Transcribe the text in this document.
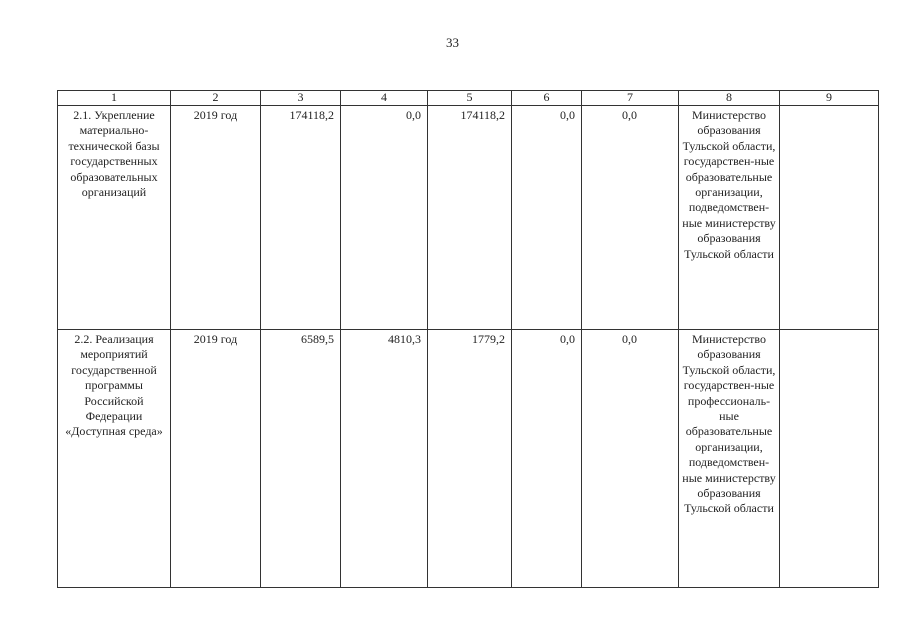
33
1	2	3	4	5	6	7	8	9
2.1. Укрепление материально-технической базы государственных образовательных организаций	2019 год	174118,2	0,0	174118,2	0,0	0,0	Министерство образования Тульской области, государствен-ные образовательные организации, подведомствен-ные министерству образования Тульской области	
2.2. Реализация мероприятий государственной программы Российской Федерации «Доступная среда»	2019 год	6589,5	4810,3	1779,2	0,0	0,0	Министерство образования Тульской области, государствен-ные профессиональ-ные образовательные организации, подведомствен-ные министерству образования Тульской области	
